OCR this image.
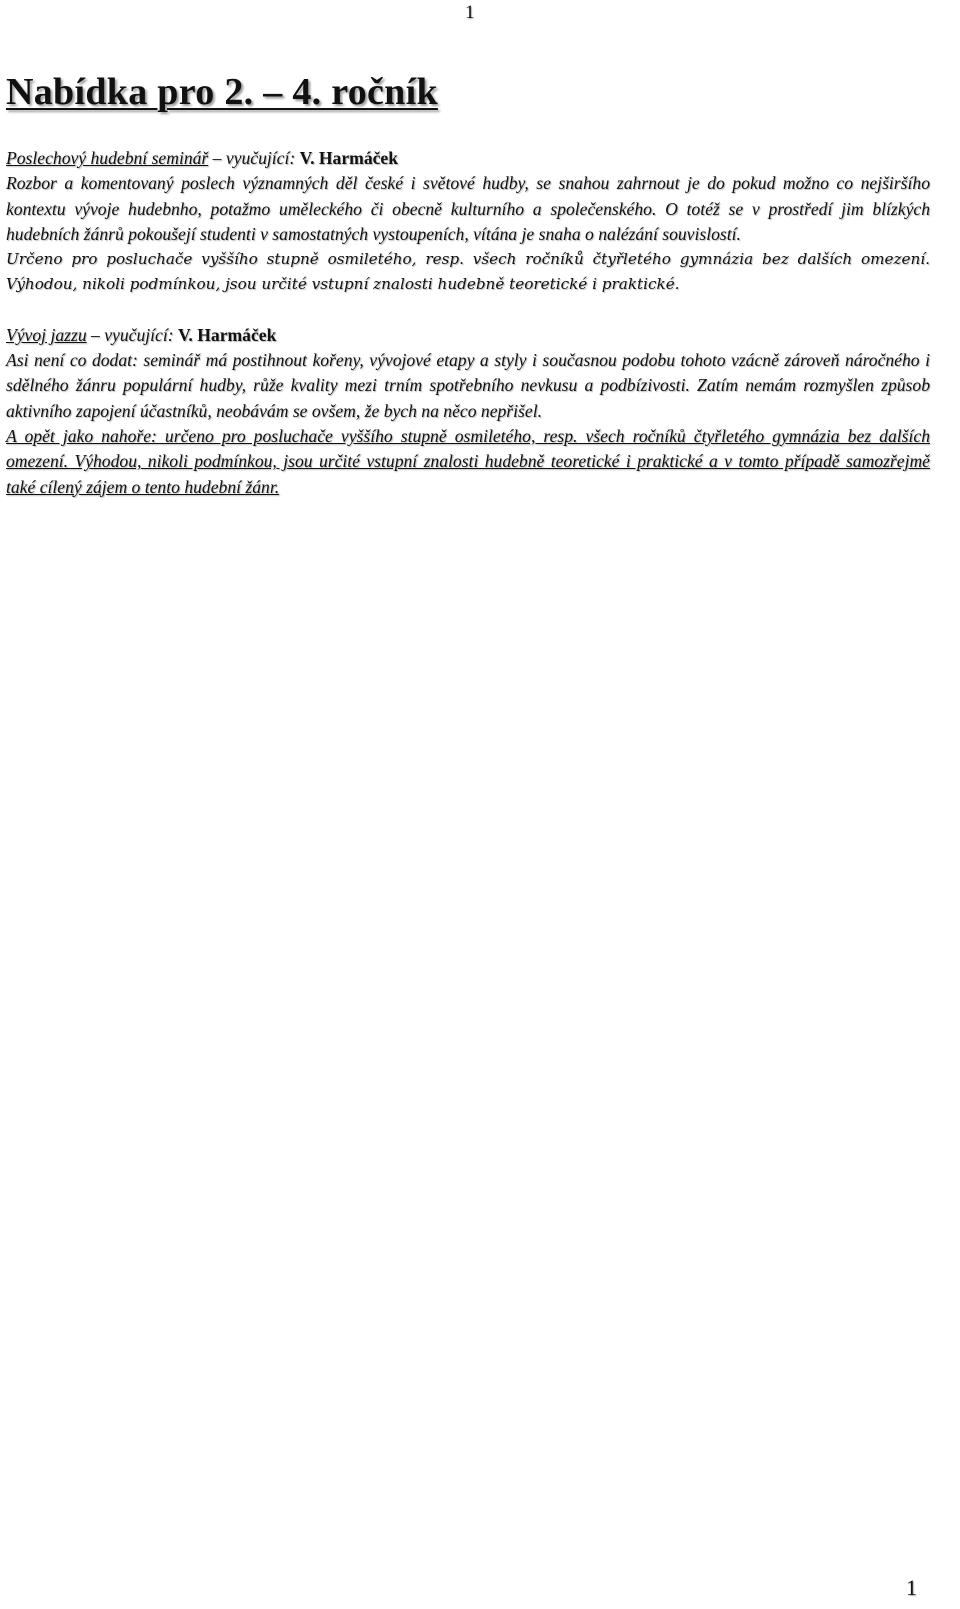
1
Nabídka pro 2. – 4. ročník

Poslechový hudební seminář – vyučující: V. Harmáček

Rozbor a komentovaný poslech významných děl české i světové hudby, se snahou zahrnout je do pokud možno co nejširšího kontextu vývoje hudebnho, potažmo uměleckého či obecně kulturního a společenského. O totéž se v prostředí jim blízkých hudebních žánrů pokoušejí studenti v samostatných vystoupeních, vítána je snaha o nalézání souvislostí.

Určeno pro posluchače vyššího stupně osmiletého, resp. všech ročníků čtyřletého gymnázia bez dalších omezení. Výhodou, nikoli podmínkou, jsou určité vstupní znalosti hudebně teoretické i praktické.

Vývoj jazzu – vyučující: V. Harmáček

Asi není co dodat: seminář má postihnout kořeny, vývojové etapy a styly i současnou podobu tohoto vzácně zároveň náročného i sdělného žánru populární hudby, růže kvality mezi trním spotřebního nevkusu a podbízivosti. Zatím nemám rozmyšlen způsob aktivního zapojení účastníků, neobávám se ovšem, že bych na něco nepřišel.

A opět jako nahoře: určeno pro posluchače vyššího stupně osmiletého, resp. všech ročníků čtyřletého gymnázia bez dalších omezení. Výhodou, nikoli podmínkou, jsou určité vstupní znalosti hudebně teoretické i praktické a v tomto případě samozřejmě také cílený zájem o tento hudební žánr.

1
